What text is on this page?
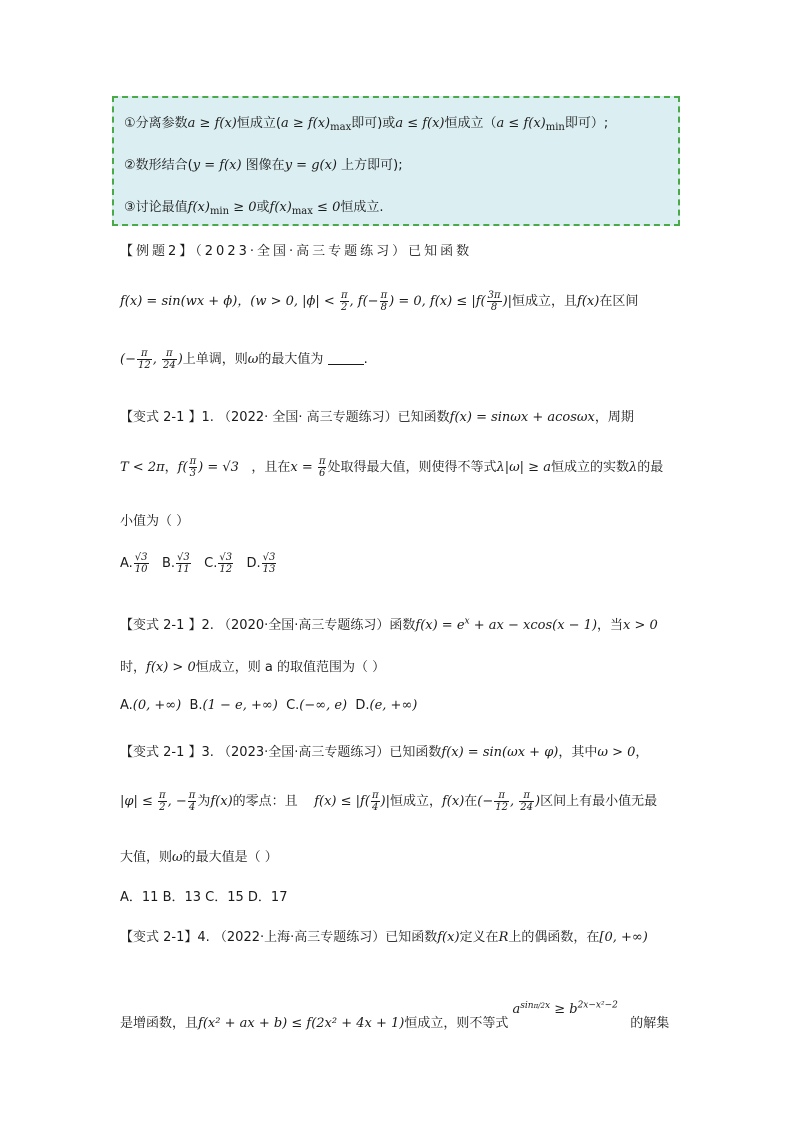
①分离参数a ≥ f(x)恒成立($a \ge f(x)_{max}$即可)或a ≤ f(x)恒成立（$a \le f(x)_{min}$即可）;
②数形结合(y = f(x) 图像在y = g(x) 上方即可);
③讨论最值$f(x)_{min} \ge 0$或$f(x)_{max} \le 0$恒成立.
【例题2】（2023·全国·高三专题练习）已知函数
f(x) = sin(wx + ϕ)，(w > 0, $|\phi| < \frac{\pi}{2}$ , $f(- \frac{\pi}{8}$ ) = 0, $f(x) \le |f( \frac{3\pi}{8}$ )|恒成立，且f(x)在区间
(− $\frac{\pi}{12}$ , $\frac{\pi}{24}$ )上单调，则ω的最大值为	.
【变式 2-1 】1. （2022· 全国· 高三专题练习）已知函数f(x) = sinωx + acosωx，周期
T < 2π，$f( \frac{\pi}{3}$ ) = √3 ，且在$x = \frac{\pi}{6}$ 处取得最大值，则使得不等式λ|ω| ≥ a恒成立的实数λ的最
小值为（ ）
A. $\frac{√3}{10} B$. $\frac{√3}{11} C$. $\frac{√3}{12} D$. $\frac{√3}{13}$
【变式 2-1 】2. （2020·全国·高三专题练习）函数$f(x) = e^x$ + ax − xcos(x − 1)，当x > 0
时，f(x) > 0恒成立，则 a 的取值范围为（ ）
A.(0, +∞) B.(1 − e, +∞) C.(−∞, e) D.(e, +∞)
【变式 2-1 】3. （2023·全国·高三专题练习）已知函数f(x) = sin(ωx + φ)，其中ω > 0，
$|\varphi| \le \frac{\pi}{2}$ , − $\frac{\pi}{4}$ 为f(x)的零点：且 $f(x) \le |f( \frac{\pi}{4}$ )|恒成立，f(x)在(− $\frac{\pi}{12}$ , $\frac{\pi}{24}$ )区间上有最小值无最
大值，则ω的最大值是（ ）
A．11 B．13 C．15 D．17
【变式 2-1】4. （2022·上海·高三专题练习）已知函数f(x)定义在R上的偶函数，在[0, +∞)
是增函数，且f(x² + ax + b) ≤ f(2x² + 4x + 1)恒成立，则不等式 $a^{sin\pi/2x} \ge b^{2x-x^2-2}$   的解集
